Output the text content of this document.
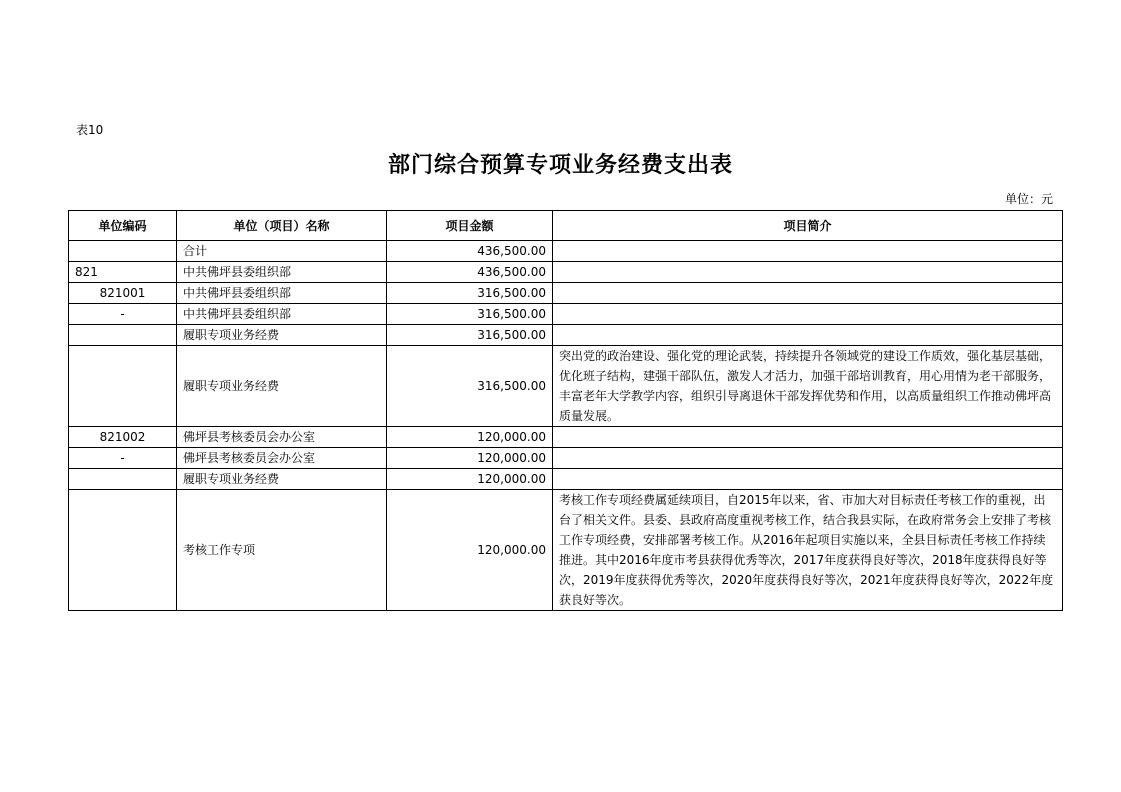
表10
部门综合预算专项业务经费支出表
单位：元
单位编码	单位（项目）名称	项目金额	项目简介
	合计	436,500.00	
821	中共佛坪县委组织部	436,500.00	
821001	中共佛坪县委组织部	316,500.00	
-	中共佛坪县委组织部	316,500.00	
	履职专项业务经费	316,500.00	
	履职专项业务经费	316,500.00	突出党的政治建设、强化党的理论武装，持续提升各领域党的建设工作质效，强化基层基础，优化班子结构，建强干部队伍，激发人才活力，加强干部培训教育，用心用情为老干部服务，丰富老年大学教学内容，组织引导离退休干部发挥优势和作用，以高质量组织工作推动佛坪高质量发展。
821002	佛坪县考核委员会办公室	120,000.00	
-	佛坪县考核委员会办公室	120,000.00	
	履职专项业务经费	120,000.00	
	考核工作专项	120,000.00	考核工作专项经费属延续项目，自2015年以来，省、市加大对目标责任考核工作的重视，出台了相关文件。县委、县政府高度重视考核工作，结合我县实际，在政府常务会上安排了考核工作专项经费，安排部署考核工作。从2016年起项目实施以来，全县目标责任考核工作持续推进。其中2016年度市考县获得优秀等次，2017年度获得良好等次，2018年度获得良好等次，2019年度获得优秀等次，2020年度获得良好等次，2021年度获得良好等次，2022年度获良好等次。
